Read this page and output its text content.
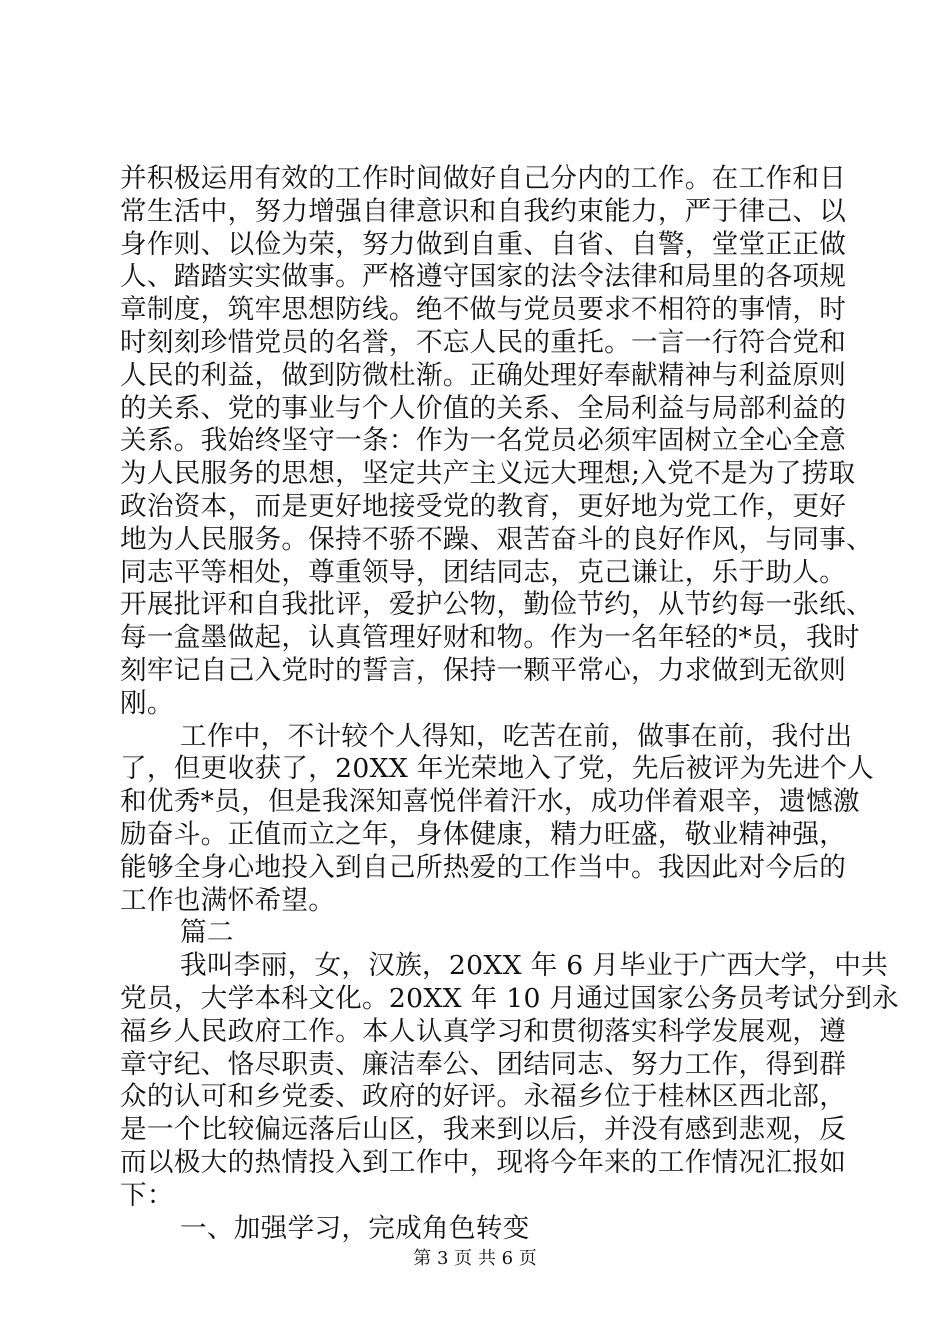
并积极运用有效的工作时间做好自己分内的工作。在工作和日
常生活中，努力增强自律意识和自我约束能力，严于律己、以
身作则、以俭为荣，努力做到自重、自省、自警，堂堂正正做
人、踏踏实实做事。严格遵守国家的法令法律和局里的各项规
章制度，筑牢思想防线。绝不做与党员要求不相符的事情，时
时刻刻珍惜党员的名誉，不忘人民的重托。一言一行符合党和
人民的利益，做到防微杜渐。正确处理好奉献精神与利益原则
的关系、党的事业与个人价值的关系、全局利益与局部利益的
关系。我始终坚守一条：作为一名党员必须牢固树立全心全意
为人民服务的思想，坚定共产主义远大理想;入党不是为了捞取
政治资本，而是更好地接受党的教育，更好地为党工作，更好
地为人民服务。保持不骄不躁、艰苦奋斗的良好作风，与同事、
同志平等相处，尊重领导，团结同志，克己谦让，乐于助人。
开展批评和自我批评，爱护公物，勤俭节约，从节约每一张纸、
每一盒墨做起，认真管理好财和物。作为一名年轻的*员，我时
刻牢记自己入党时的誓言，保持一颗平常心，力求做到无欲则
刚。
工作中，不计较个人得知，吃苦在前，做事在前，我付出
了，但更收获了，20XX 年光荣地入了党，先后被评为先进个人
和优秀*员，但是我深知喜悦伴着汗水，成功伴着艰辛，遗憾激
励奋斗。正值而立之年，身体健康，精力旺盛，敬业精神强，
能够全身心地投入到自己所热爱的工作当中。我因此对今后的
工作也满怀希望。
篇二
我叫李丽，女，汉族，20XX 年 6 月毕业于广西大学，中共
党员，大学本科文化。20XX 年 10 月通过国家公务员考试分到永
福乡人民政府工作。本人认真学习和贯彻落实科学发展观，遵
章守纪、恪尽职责、廉洁奉公、团结同志、努力工作，得到群
众的认可和乡党委、政府的好评。永福乡位于桂林区西北部，
是一个比较偏远落后山区，我来到以后，并没有感到悲观，反
而以极大的热情投入到工作中，现将今年来的工作情况汇报如
下：
一、加强学习，完成角色转变
第 3 页 共 6 页
